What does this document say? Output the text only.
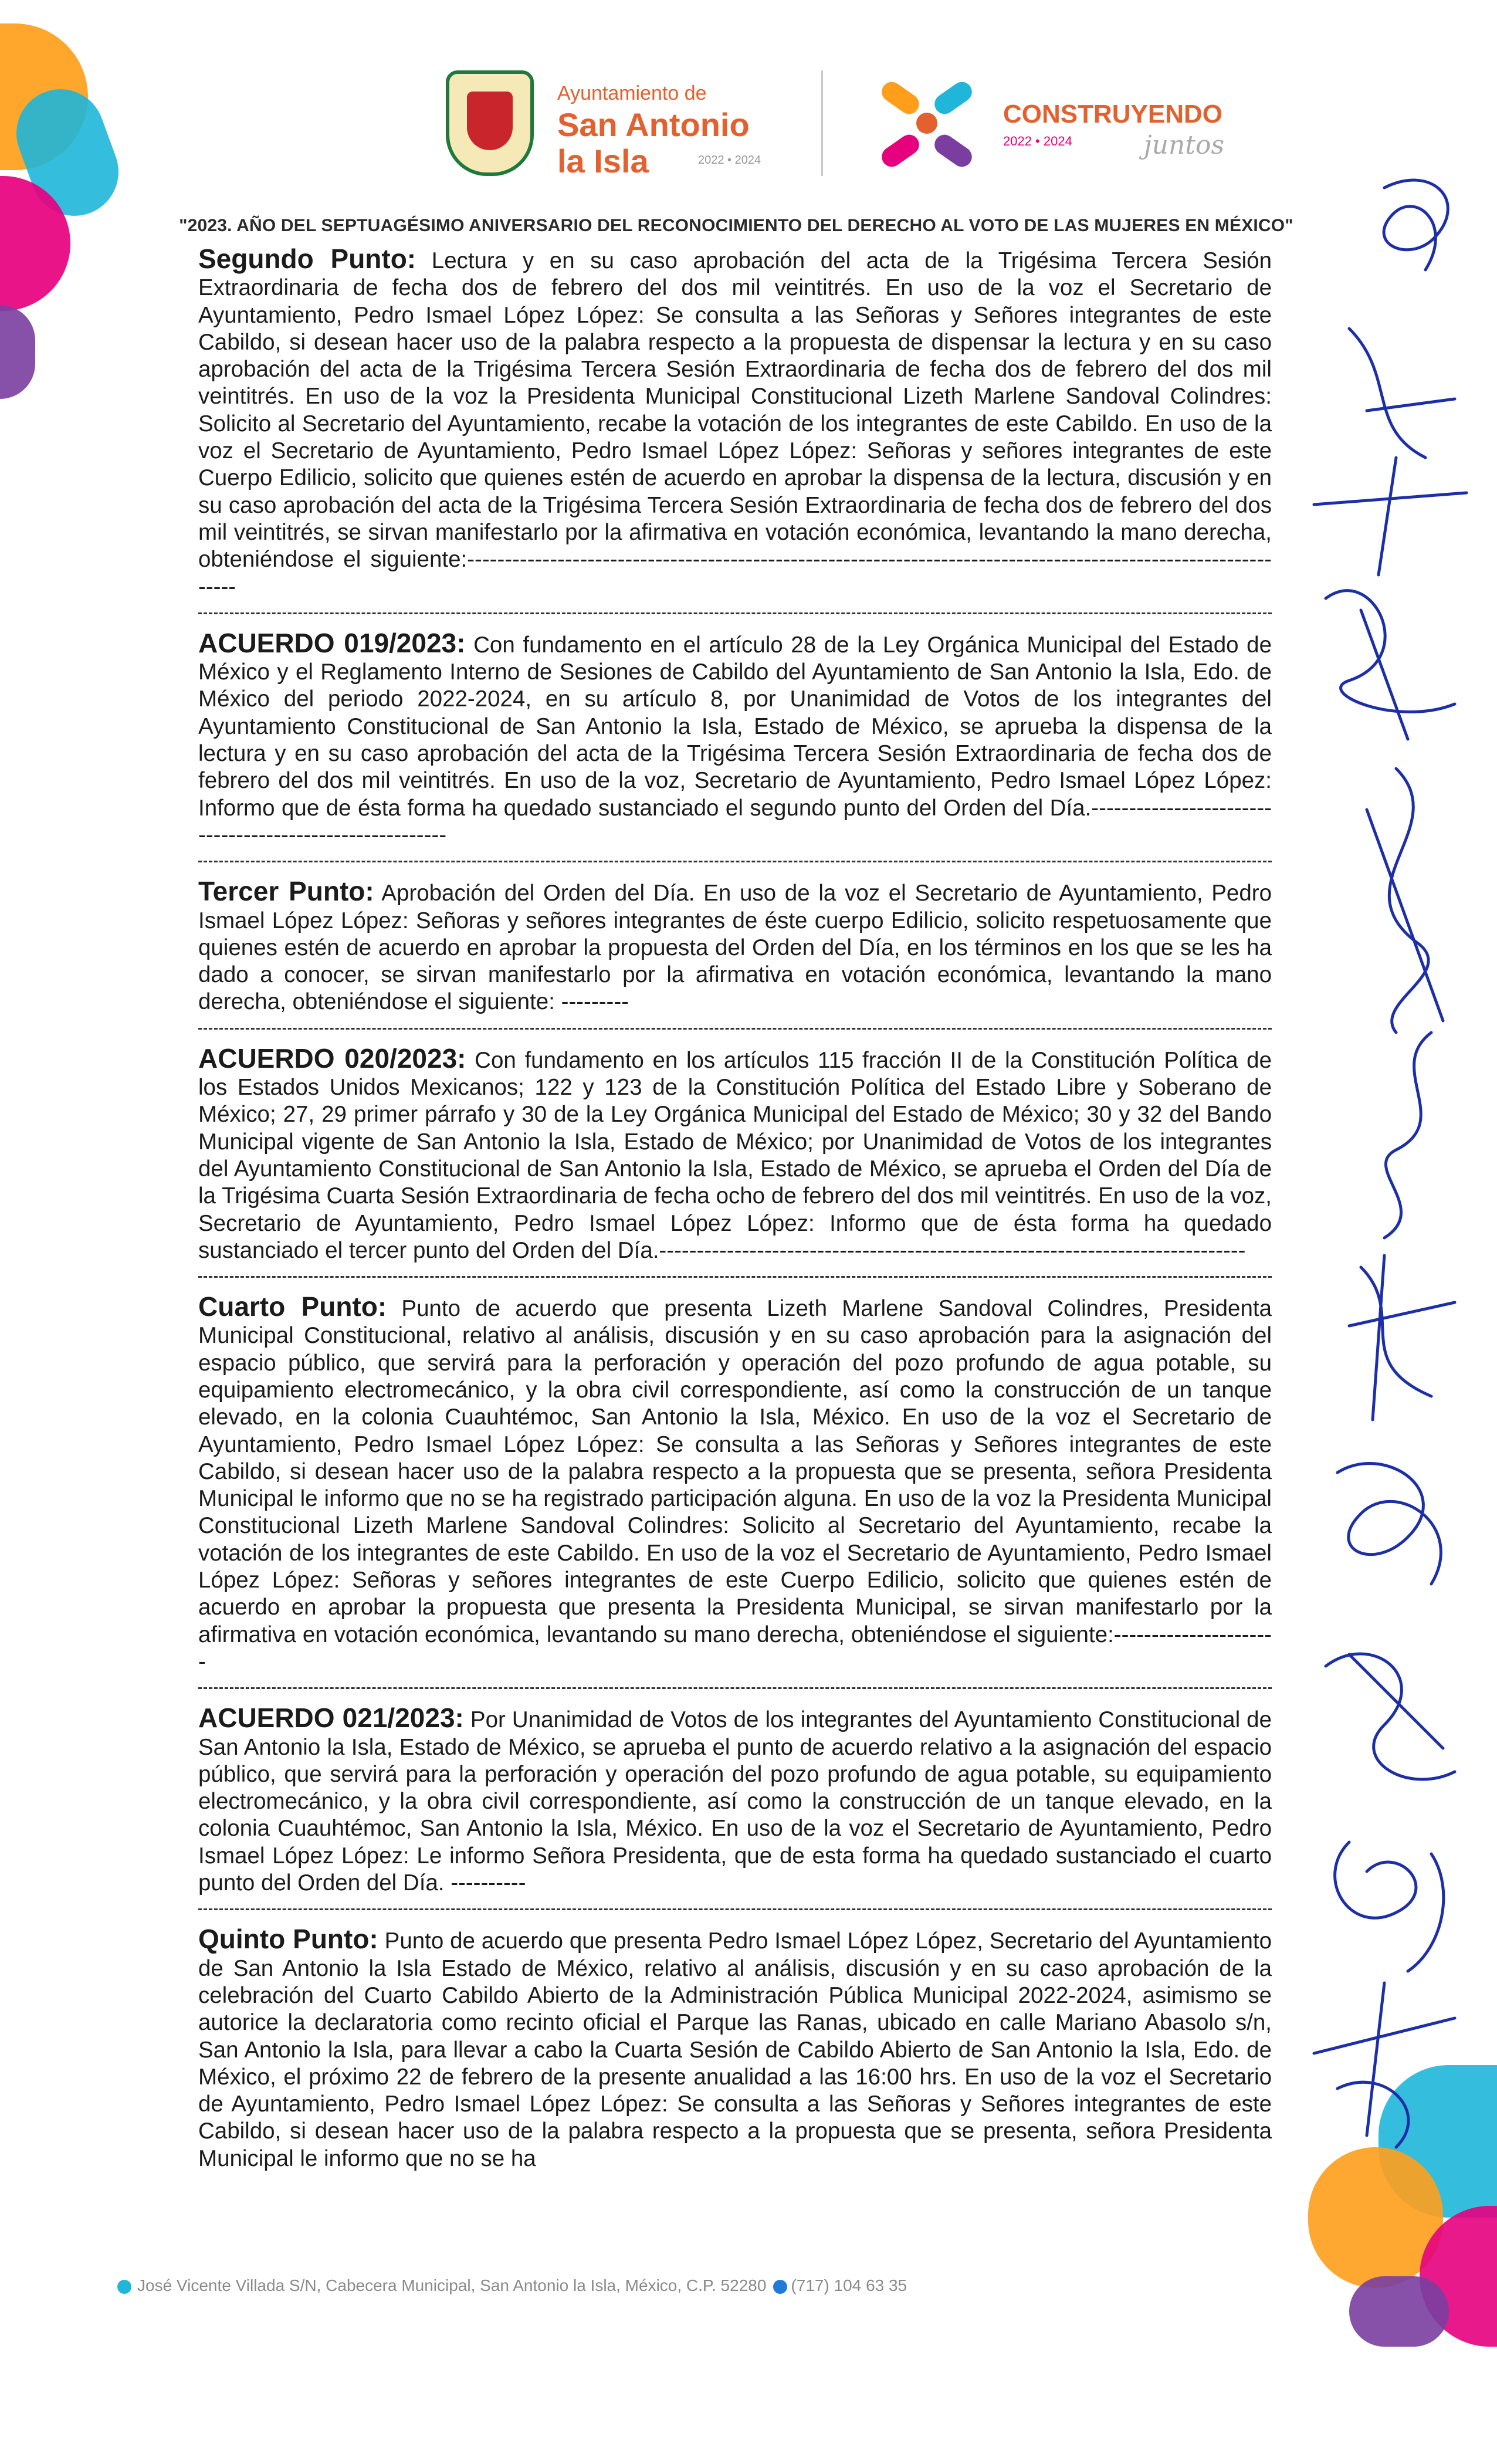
Ayuntamiento de
San Antonio
la Isla	2022 • 2024
CONSTRUYENDO
2022 • 2024	juntos
"2023. AÑO DEL SEPTUAGÉSIMO ANIVERSARIO DEL RECONOCIMIENTO DEL DERECHO AL VOTO DE LAS MUJERES EN MÉXICO"

Segundo Punto: Lectura y en su caso aprobación del acta de la Trigésima Tercera Sesión Extraordinaria de fecha dos de febrero del dos mil veintitrés. En uso de la voz el Secretario de Ayuntamiento, Pedro Ismael López López: Se consulta a las Señoras y Señores integrantes de este Cabildo, si desean hacer uso de la palabra respecto a la propuesta de dispensar la lectura y en su caso aprobación del acta de la Trigésima Tercera Sesión Extraordinaria de fecha dos de febrero del dos mil veintitrés. En uso de la voz la Presidenta Municipal Constitucional Lizeth Marlene Sandoval Colindres: Solicito al Secretario del Ayuntamiento, recabe la votación de los integrantes de este Cabildo. En uso de la voz el Secretario de Ayuntamiento, Pedro Ismael López López: Señoras y señores integrantes de este Cuerpo Edilicio, solicito que quienes estén de acuerdo en aprobar la dispensa de la lectura, discusión y en su caso aprobación del acta de la Trigésima Tercera Sesión Extraordinaria de fecha dos de febrero del dos mil veintitrés, se sirvan manifestarlo por la afirmativa en votación económica, levantando la mano derecha, obteniéndose el siguiente:----------------------------------------------------------------------------------------------------------------

ACUERDO 019/2023: Con fundamento en el artículo 28 de la Ley Orgánica Municipal del Estado de México y el Reglamento Interno de Sesiones de Cabildo del Ayuntamiento de San Antonio la Isla, Edo. de México del periodo 2022-2024, en su artículo 8, por Unanimidad de Votos de los integrantes del Ayuntamiento Constitucional de San Antonio la Isla, Estado de México, se aprueba la dispensa de la lectura y en su caso aprobación del acta de la Trigésima Tercera Sesión Extraordinaria de fecha dos de febrero del dos mil veintitrés. En uso de la voz, Secretario de Ayuntamiento, Pedro Ismael López López: Informo que de ésta forma ha quedado sustanciado el segundo punto del Orden del Día.---------------------------------------------------------

Tercer Punto: Aprobación del Orden del Día. En uso de la voz el Secretario de Ayuntamiento, Pedro Ismael López López: Señoras y señores integrantes de éste cuerpo Edilicio, solicito respetuosamente que quienes estén de acuerdo en aprobar la propuesta del Orden del Día, en los términos en los que se les ha dado a conocer, se sirvan manifestarlo por la afirmativa en votación económica, levantando la mano derecha, obteniéndose el siguiente: ---------

ACUERDO 020/2023: Con fundamento en los artículos 115 fracción II de la Constitución Política de los Estados Unidos Mexicanos; 122 y 123 de la Constitución Política del Estado Libre y Soberano de México; 27, 29 primer párrafo y 30 de la Ley Orgánica Municipal del Estado de México; 30 y 32 del Bando Municipal vigente de San Antonio la Isla, Estado de México; por Unanimidad de Votos de los integrantes del Ayuntamiento Constitucional de San Antonio la Isla, Estado de México, se aprueba el Orden del Día de la Trigésima Cuarta Sesión Extraordinaria de fecha ocho de febrero del dos mil veintitrés. En uso de la voz, Secretario de Ayuntamiento, Pedro Ismael López López: Informo que de ésta forma ha quedado sustanciado el tercer punto del Orden del Día.------------------------------------------------------------------------------

Cuarto Punto: Punto de acuerdo que presenta Lizeth Marlene Sandoval Colindres, Presidenta Municipal Constitucional, relativo al análisis, discusión y en su caso aprobación para la asignación del espacio público, que servirá para la perforación y operación del pozo profundo de agua potable, su equipamiento electromecánico, y la obra civil correspondiente, así como la construcción de un tanque elevado, en la colonia Cuauhtémoc, San Antonio la Isla, México. En uso de la voz el Secretario de Ayuntamiento, Pedro Ismael López López: Se consulta a las Señoras y Señores integrantes de este Cabildo, si desean hacer uso de la palabra respecto a la propuesta que se presenta, señora Presidenta Municipal le informo que no se ha registrado participación alguna. En uso de la voz la Presidenta Municipal Constitucional Lizeth Marlene Sandoval Colindres: Solicito al Secretario del Ayuntamiento, recabe la votación de los integrantes de este Cabildo. En uso de la voz el Secretario de Ayuntamiento, Pedro Ismael López López: Señoras y señores integrantes de este Cuerpo Edilicio, solicito que quienes estén de acuerdo en aprobar la propuesta que presenta la Presidenta Municipal, se sirvan manifestarlo por la afirmativa en votación económica, levantando su mano derecha, obteniéndose el siguiente:----------------------

ACUERDO 021/2023: Por Unanimidad de Votos de los integrantes del Ayuntamiento Constitucional de San Antonio la Isla, Estado de México, se aprueba el punto de acuerdo relativo a la asignación del espacio público, que servirá para la perforación y operación del pozo profundo de agua potable, su equipamiento electromecánico, y la obra civil correspondiente, así como la construcción de un tanque elevado, en la colonia Cuauhtémoc, San Antonio la Isla, México. En uso de la voz el Secretario de Ayuntamiento, Pedro Ismael López López: Le informo Señora Presidenta, que de esta forma ha quedado sustanciado el cuarto punto del Orden del Día. ----------

Quinto Punto: Punto de acuerdo que presenta Pedro Ismael López López, Secretario del Ayuntamiento de San Antonio la Isla Estado de México, relativo al análisis, discusión y en su caso aprobación de la celebración del Cuarto Cabildo Abierto de la Administración Pública Municipal 2022-2024, asimismo se autorice la declaratoria como recinto oficial el Parque las Ranas, ubicado en calle Mariano Abasolo s/n, San Antonio la Isla, para llevar a cabo la Cuarta Sesión de Cabildo Abierto de San Antonio la Isla, Edo. de México, el próximo 22 de febrero de la presente anualidad a las 16:00 hrs. En uso de la voz el Secretario de Ayuntamiento, Pedro Ismael López López: Se consulta a las Señoras y Señores integrantes de este Cabildo, si desean hacer uso de la palabra respecto a la propuesta que se presenta, señora Presidenta Municipal le informo que no se ha

José Vicente Villada S/N, Cabecera Municipal, San Antonio la Isla, México, C.P. 52280 (717) 104 63 35
